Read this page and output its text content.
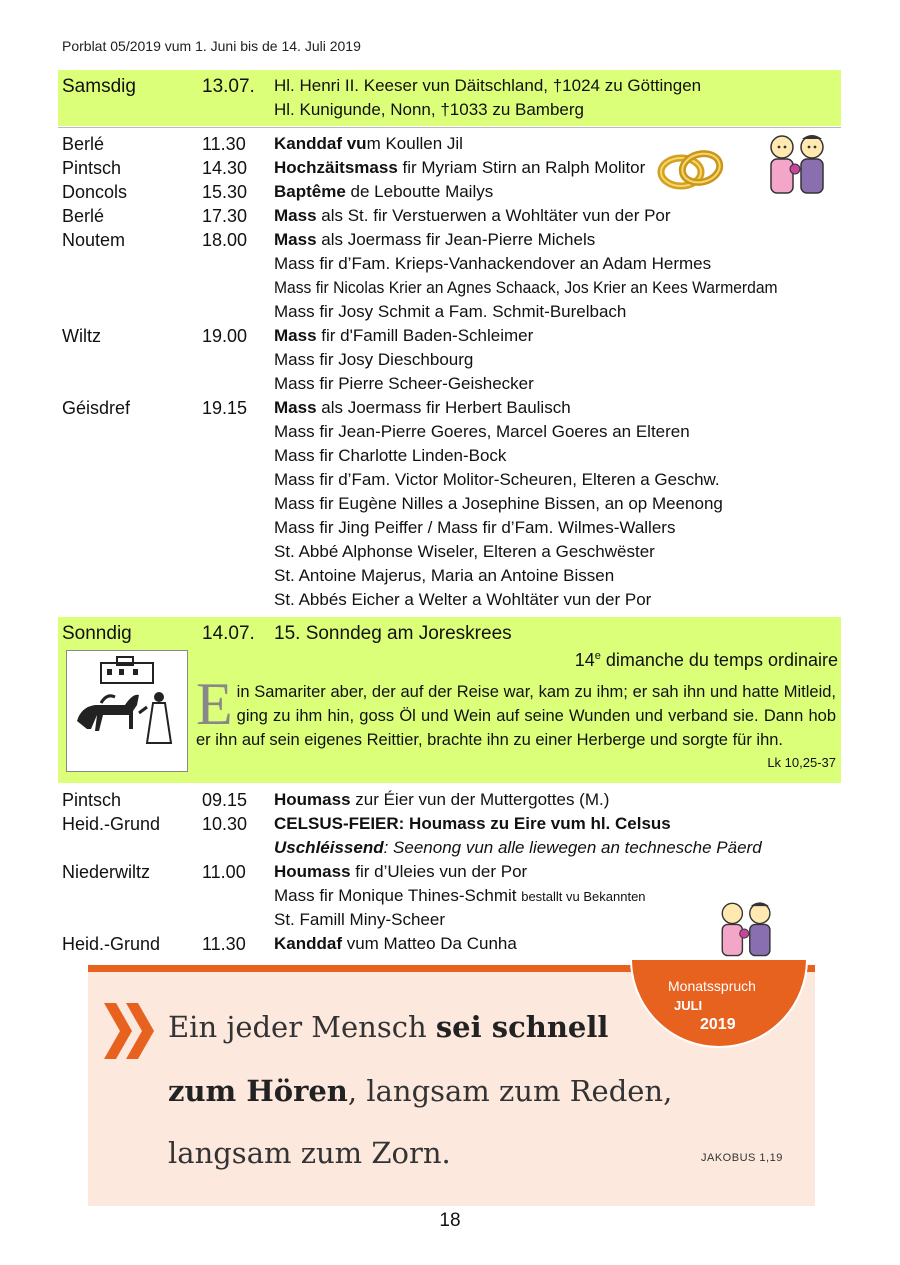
Porblat 05/2019 vum 1. Juni bis de 14. Juli 2019
Samsdig	13.07. Hl. Henri II. Keeser vun Däitschland, †1024 zu Göttingen
Hl. Kunigunde, Nonn, †1033 zu Bamberg
Berlé	11.30 Kanddaf vum Koullen Jil
Pintsch	14.30 Hochzäitsmass fir Myriam Stirn an Ralph Molitor
Doncols	15.30 Baptême de Leboutte Mailys
Berlé	17.30 Mass als St. fir Verstuerwen a Wohltäter vun der Por
Noutem	18.00 Mass als Joermass fir Jean-Pierre Michels
Mass fir d’Fam. Krieps-Vanhackendover an Adam Hermes
Mass fir Nicolas Krier an Agnes Schaack, Jos Krier an Kees Warmerdam
Mass fir Josy Schmit a Fam. Schmit-Burelbach
Wiltz	19.00 Mass fir d'Famill Baden-Schleimer
Mass fir Josy Dieschbourg
Mass fir Pierre Scheer-Geishecker
Géisdref	19.15 Mass als Joermass fir Herbert Baulisch
Mass fir Jean-Pierre Goeres, Marcel Goeres an Elteren
Mass fir Charlotte Linden-Bock
Mass fir d’Fam. Victor Molitor-Scheuren, Elteren a Geschw.
Mass fir Eugène Nilles a Josephine Bissen, an op Meenong
Mass fir Jing Peiffer / Mass fir d’Fam. Wilmes-Wallers
St. Abbé Alphonse Wiseler, Elteren a Geschwëster
St. Antoine Majerus, Maria an Antoine Bissen
St. Abbés Eicher a Welter a Wohltäter vun der Por
Sonndig	14.07. 15. Sonndeg am Joreskrees
14e dimanche du temps ordinaire
Ein Samariter aber, der auf der Reise war, kam zu ihm; er sah ihn und hatte Mitleid, ging zu ihm hin, goss Öl und Wein auf seine Wunden und verband sie. Dann hob er ihn auf sein eigenes Reittier, brachte ihn zu einer Herberge und sorgte für ihn.
Lk 10,25-37
Pintsch	09.15 Houmass zur Éier vun der Muttergottes (M.)
Heid.-Grund 10.30 CELSUS-FEIER: Houmass zu Eire vum hl. Celsus
Uschléissend: Seenong vun alle liewegen an technesche Päerd
Niederwiltz	11.00 Houmass fir d’Uleies vun der Por
Mass fir Monique Thines-Schmit bestallt vu Bekannten
St. Famill Miny-Scheer
Heid.-Grund 11.30 Kanddaf vum Matteo Da Cunha
Ein jeder Mensch sei schnell
zum Hören, langsam zum Reden,
langsam zum Zorn.	JAKOBUS 1,19
Monatsspruch
JULI
2019
18
